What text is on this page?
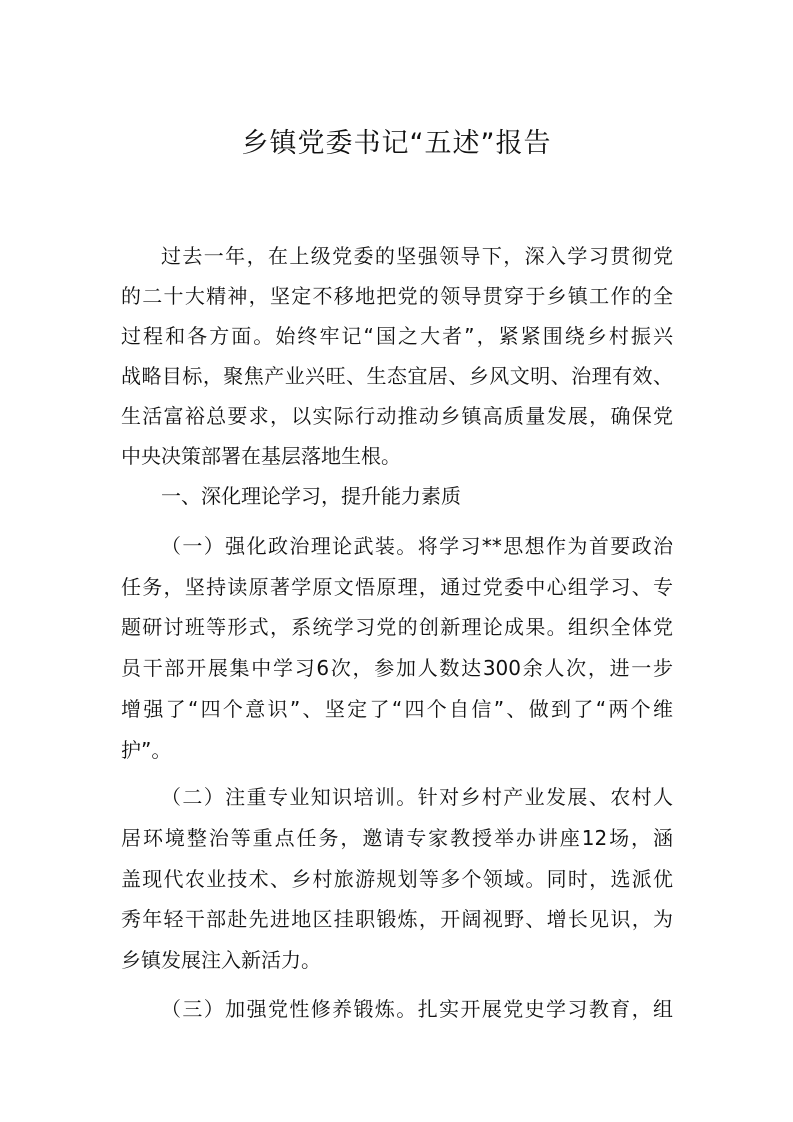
乡镇党委书记“五述”报告
过去一年，在上级党委的坚强领导下，深入学习贯彻党
的二十大精神，坚定不移地把党的领导贯穿于乡镇工作的全
过程和各方面。始终牢记“国之大者”，紧紧围绕乡村振兴
战略目标，聚焦产业兴旺、生态宜居、乡风文明、治理有效、
生活富裕总要求，以实际行动推动乡镇高质量发展，确保党
中央决策部署在基层落地生根。
一、深化理论学习，提升能力素质
（一）强化政治理论武装。将学习**思想作为首要政治
任务，坚持读原著学原文悟原理，通过党委中心组学习、专
题研讨班等形式，系统学习党的创新理论成果。组织全体党
员干部开展集中学习6次，参加人数达300余人次，进一步
增强了“四个意识”、坚定了“四个自信”、做到了“两个维
护”。
（二）注重专业知识培训。针对乡村产业发展、农村人
居环境整治等重点任务，邀请专家教授举办讲座12场，涵
盖现代农业技术、乡村旅游规划等多个领域。同时，选派优
秀年轻干部赴先进地区挂职锻炼，开阔视野、增长见识，为
乡镇发展注入新活力。
（三）加强党性修养锻炼。扎实开展党史学习教育，组
